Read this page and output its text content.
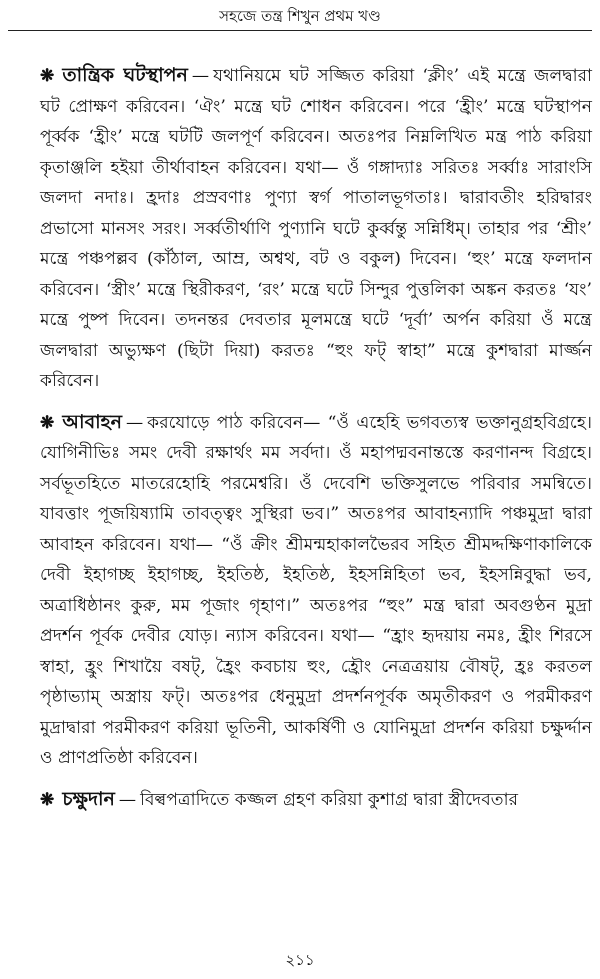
সহজে তন্ত্র শিখুন প্রথম খণ্ড

❋ তান্ত্রিক ঘটস্থাপন — যথানিয়মে ঘট সজ্জিত করিয়া ‘ক্লীং’ এই মন্ত্রে জলদ্বারা ঘট প্রোক্ষণ করিবেন। ‘ঐং’ মন্ত্রে ঘট শোধন করিবেন। পরে ‘হ্রীং’ মন্ত্রে ঘটস্থাপন পূর্ব্বক ‘হ্রীং’ মন্ত্রে ঘটটি জলপূর্ণ করিবেন। অতঃপর নিম্নলিখিত মন্ত্র পাঠ করিয়া কৃতাঞ্জলি হইয়া তীর্থাবাহন করিবেন। যথা— ওঁ গঙ্গাদ্যাঃ সরিতঃ সর্ব্বাঃ সারাংসি জলদা নদাঃ। হ্রদাঃ প্রস্রবণাঃ পুণ্যা স্বর্গ পাতালভূগতাঃ। দ্বারাবতীং হরিদ্বারং প্রভাসো মানসং সরং। সর্ব্বতীর্থাণি পুণ্যানি ঘটে কুর্ব্বন্তু সন্নিধিম্। তাহার পর ‘শ্রীং’ মন্ত্রে পঞ্চপল্লব (কাঁঠাল, আম্র, অশ্বথ, বট ও বকুল) দিবেন। ‘হুং’ মন্ত্রে ফলদান করিবেন। ‘স্ত্রীং’ মন্ত্রে স্থিরীকরণ, ‘রং’ মন্ত্রে ঘটে সিন্দুর পুত্তলিকা অঙ্কন করতঃ ‘যং’ মন্ত্রে পুষ্প দিবেন। তদনন্তর দেবতার মূলমন্ত্রে ঘটে ‘দূর্বা’ অর্পন করিয়া ওঁ মন্ত্রে জলদ্বারা অভ্যুক্ষণ (ছিটা দিয়া) করতঃ “হুং ফট্ স্বাহা” মন্ত্রে কুশদ্বারা মার্জ্জন করিবেন।

❋ আবাহন — করযোড়ে পাঠ করিবেন— “ওঁ এহেহি ভগবত্যস্ব ভক্তানুগ্রহবিগ্রহে। যোগিনীভিঃ সমং দেবী রক্ষার্থং মম সর্বদা। ওঁ মহাপদ্মবনান্তস্তে করণানন্দ বিগ্রহে। সর্বভূতহিতে মাতরেহোহি পরমেশ্বরি। ওঁ দেবেশি ভক্তিসুলভে পরিবার সমন্বিতে। যাবত্তাং পূজয়িষ্যামি তাবত্ত্বং সুস্থিরা ভব।” অতঃপর আবাহন্যাদি পঞ্চমুদ্রা দ্বারা আবাহন করিবেন। যথা— “ওঁ ক্রীং শ্রীমন্মহাকালভৈরব সহিত শ্রীমদ্দক্ষিণাকালিকে দেবী ইহাগচ্ছ ইহাগচ্ছ, ইহতিষ্ঠ, ইহতিষ্ঠ, ইহসন্নিহিতা ভব, ইহসন্নিবুদ্ধা ভব, অত্রাধিষ্ঠানং কুরু, মম পূজাং গৃহাণ।” অতঃপর “হুং” মন্ত্র দ্বারা অবগুণ্ঠন মুদ্রা প্রদর্শন পূর্বক দেবীর যোড়। ন্যাস করিবেন। যথা— “হ্রাং হৃদয়ায় নমঃ, হ্রীং শিরসে স্বাহা, হ্রুং শিখায়ৈ বষট্, হ্রৈং কবচায় হুং, হ্রৌং নেত্রত্রয়ায় বৌষট্, হ্রঃ করতল পৃষ্ঠাভ্যাম্ অস্ত্রায় ফট্। অতঃপর ধেনুমুদ্রা প্রদর্শনপূর্বক অমৃতীকরণ ও পরমীকরণ মুদ্রাদ্বারা পরমীকরণ করিয়া ভূতিনী, আকর্ষিণী ও যোনিমুদ্রা প্রদর্শন করিয়া চক্ষুর্দ্দান ও প্রাণপ্রতিষ্ঠা করিবেন।

❋ চক্ষুদান — বিল্বপত্রাদিতে কজ্জল গ্রহণ করিয়া কুশাগ্র দ্বারা স্ত্রীদেবতার

২১১
